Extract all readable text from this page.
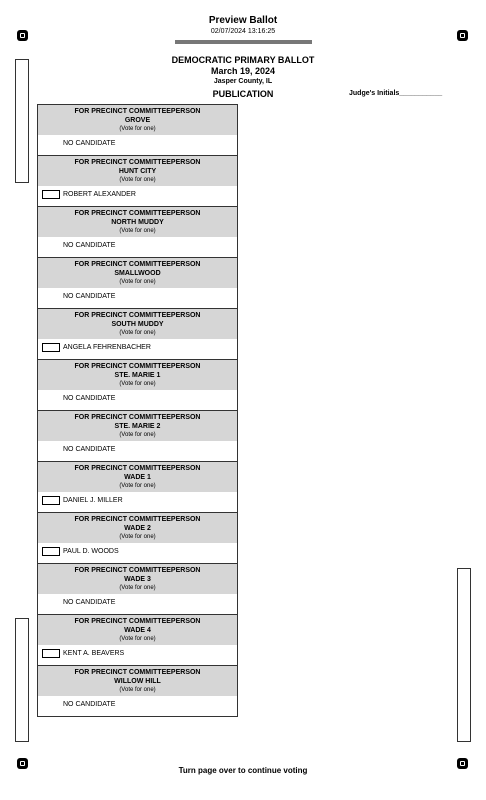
Preview Ballot
02/07/2024 13:16:25
DEMOCRATIC PRIMARY BALLOT
March 19, 2024
Jasper County, IL
PUBLICATION	Judge's Initials___________
FOR PRECINCT COMMITTEEPERSON
GROVE
(Vote for one)
NO CANDIDATE
FOR PRECINCT COMMITTEEPERSON
HUNT CITY
(Vote for one)
ROBERT ALEXANDER
FOR PRECINCT COMMITTEEPERSON
NORTH MUDDY
(Vote for one)
NO CANDIDATE
FOR PRECINCT COMMITTEEPERSON
SMALLWOOD
(Vote for one)
NO CANDIDATE
FOR PRECINCT COMMITTEEPERSON
SOUTH MUDDY
(Vote for one)
ANGELA FEHRENBACHER
FOR PRECINCT COMMITTEEPERSON
STE. MARIE 1
(Vote for one)
NO CANDIDATE
FOR PRECINCT COMMITTEEPERSON
STE. MARIE 2
(Vote for one)
NO CANDIDATE
FOR PRECINCT COMMITTEEPERSON
WADE 1
(Vote for one)
DANIEL J. MILLER
FOR PRECINCT COMMITTEEPERSON
WADE 2
(Vote for one)
PAUL D. WOODS
FOR PRECINCT COMMITTEEPERSON
WADE 3
(Vote for one)
NO CANDIDATE
FOR PRECINCT COMMITTEEPERSON
WADE 4
(Vote for one)
KENT A. BEAVERS
FOR PRECINCT COMMITTEEPERSON
WILLOW HILL
(Vote for one)
NO CANDIDATE
Turn page over to continue voting
